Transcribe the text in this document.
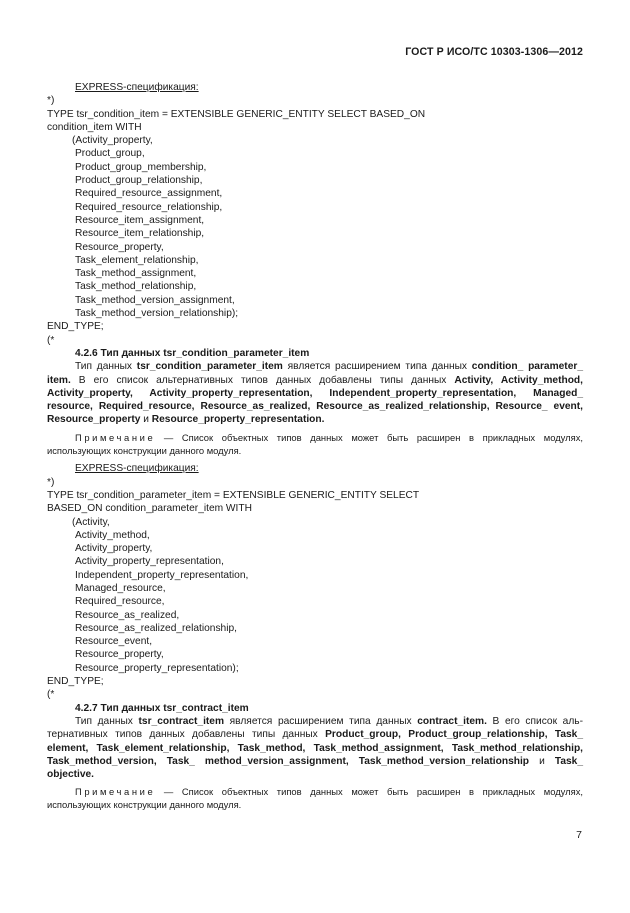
ГОСТ Р ИСО/ТС 10303-1306—2012
EXPRESS-спецификация:
*)
TYPE tsr_condition_item = EXTENSIBLE GENERIC_ENTITY SELECT BASED_ON
condition_item WITH
(Activity_property,
Product_group,
Product_group_membership,
Product_group_relationship,
Required_resource_assignment,
Required_resource_relationship,
Resource_item_assignment,
Resource_item_relationship,
Resource_property,
Task_element_relationship,
Task_method_assignment,
Task_method_relationship,
Task_method_version_assignment,
Task_method_version_relationship);
END_TYPE;
(*
4.2.6 Тип данных tsr_condition_parameter_item
Тип данных tsr_condition_parameter_item является расширением типа данных condition_ parameter_ item. В его список альтернативных типов данных добавлены типы данных Activity, Activity_method, Activity_property, Activity_property_representation, Independent_property_representation, Managed_ resource, Required_resource, Resource_as_realized, Resource_as_realized_relationship, Resource_ event, Resource_property и Resource_property_representation.
Примечание — Список объектных типов данных может быть расширен в прикладных модулях, использующих конструкции данного модуля.
EXPRESS-спецификация:
*)
TYPE tsr_condition_parameter_item = EXTENSIBLE GENERIC_ENTITY SELECT
BASED_ON condition_parameter_item WITH
(Activity,
Activity_method,
Activity_property,
Activity_property_representation,
Independent_property_representation,
Managed_resource,
Required_resource,
Resource_as_realized,
Resource_as_realized_relationship,
Resource_event,
Resource_property,
Resource_property_representation);
END_TYPE;
(*
4.2.7 Тип данных tsr_contract_item
Тип данных tsr_contract_item является расширением типа данных contract_item. В его список аль-тернативных типов данных добавлены типы данных Product_group, Product_group_relationship, Task_ element, Task_element_relationship, Task_method, Task_method_assignment, Task_method_relationship, Task_method_version, Task_ method_version_assignment, Task_method_version_relationship и Task_ objective.
Примечание — Список объектных типов данных может быть расширен в прикладных модулях, использующих конструкции данного модуля.
7
